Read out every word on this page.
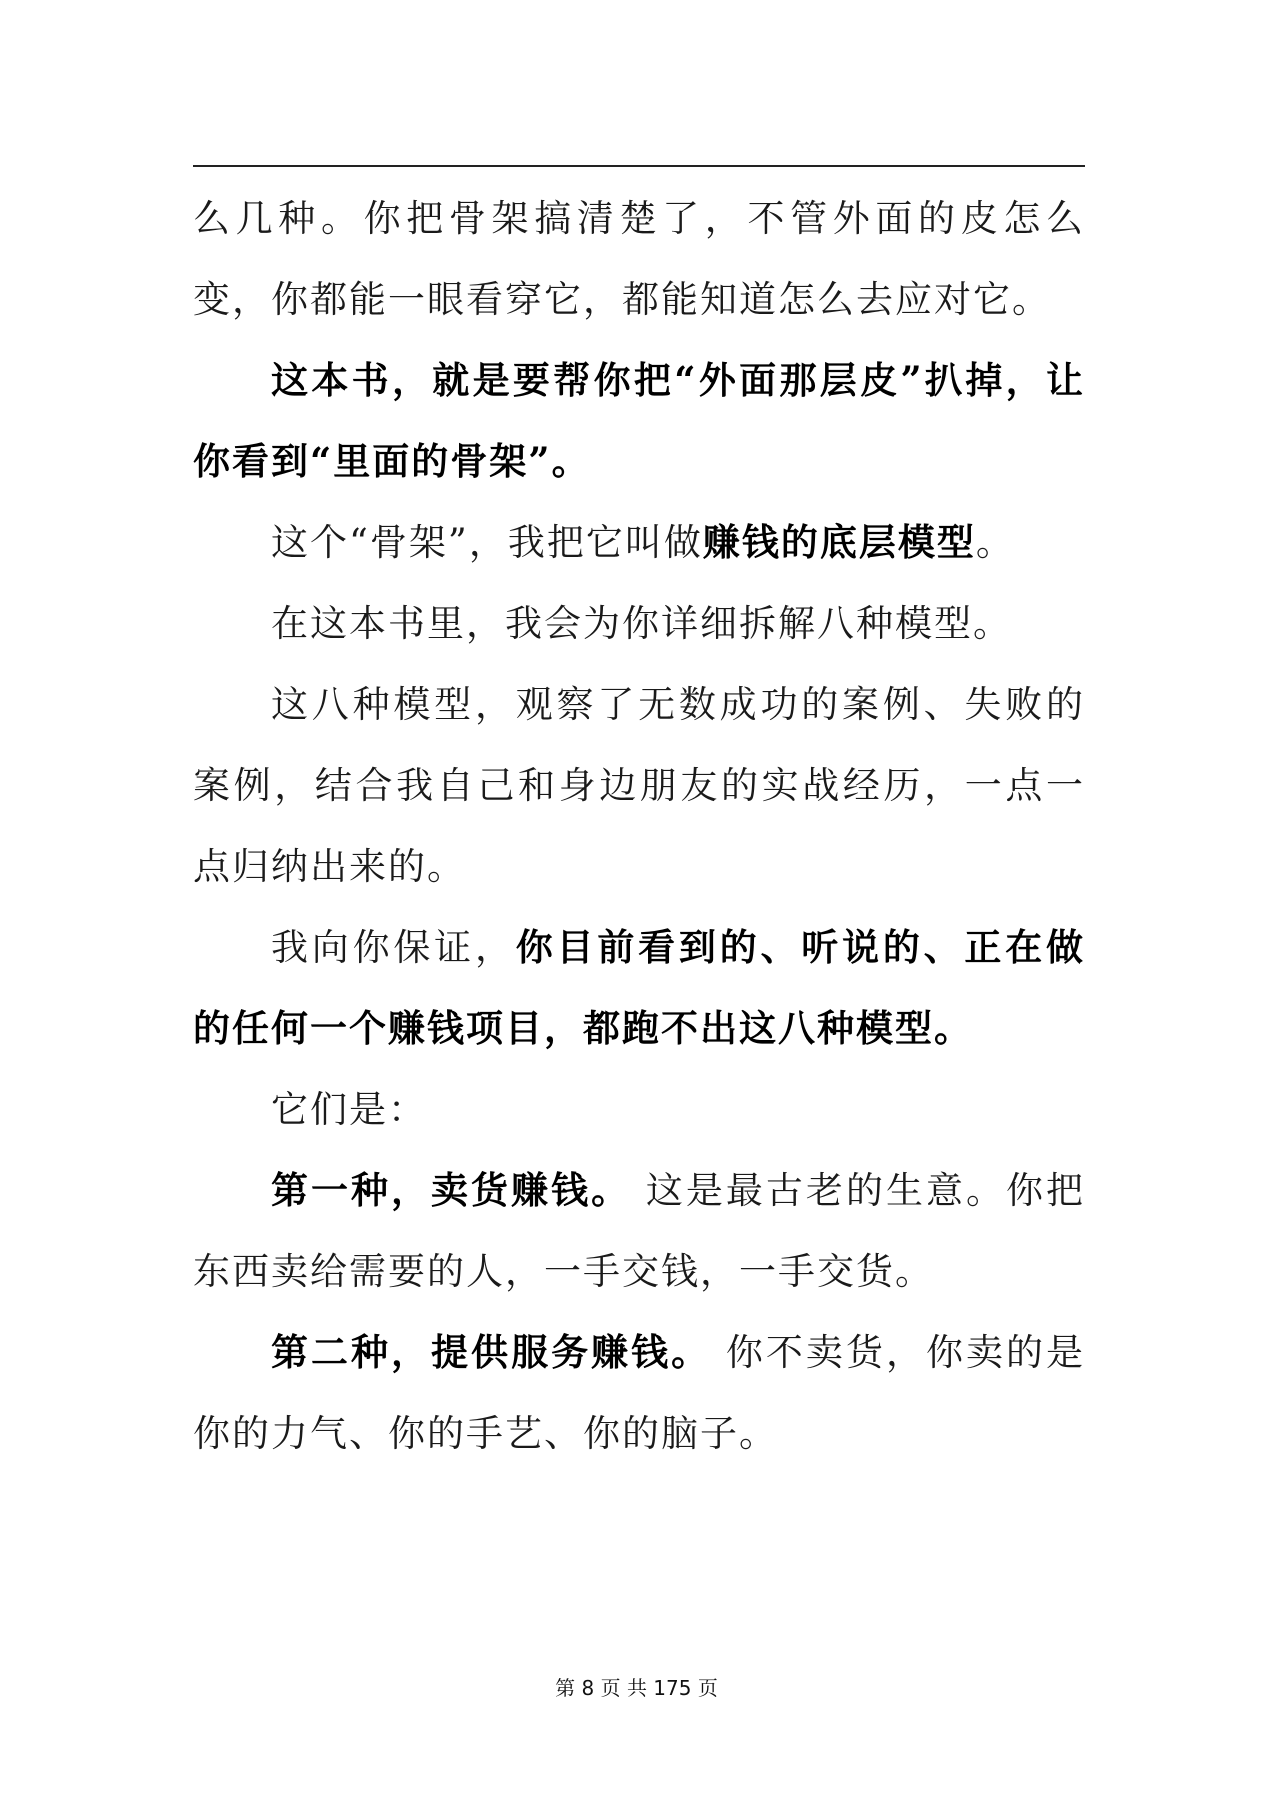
么几种。你把骨架搞清楚了，不管外面的皮怎么变，你都能一眼看穿它，都能知道怎么去应对它。

这本书，就是要帮你把“外面那层皮”扒掉，让你看到“里面的骨架”。

这个“骨架”，我把它叫做赚钱的底层模型。

在这本书里，我会为你详细拆解八种模型。

这八种模型，观察了无数成功的案例、失败的案例，结合我自己和身边朋友的实战经历，一点一点归纳出来的。

我向你保证，你目前看到的、听说的、正在做的任何一个赚钱项目，都跑不出这八种模型。

它们是：

第一种，卖货赚钱。 这是最古老的生意。你把东西卖给需要的人，一手交钱，一手交货。

第二种，提供服务赚钱。 你不卖货，你卖的是你的力气、你的手艺、你的脑子。

第 8 页 共 175 页
